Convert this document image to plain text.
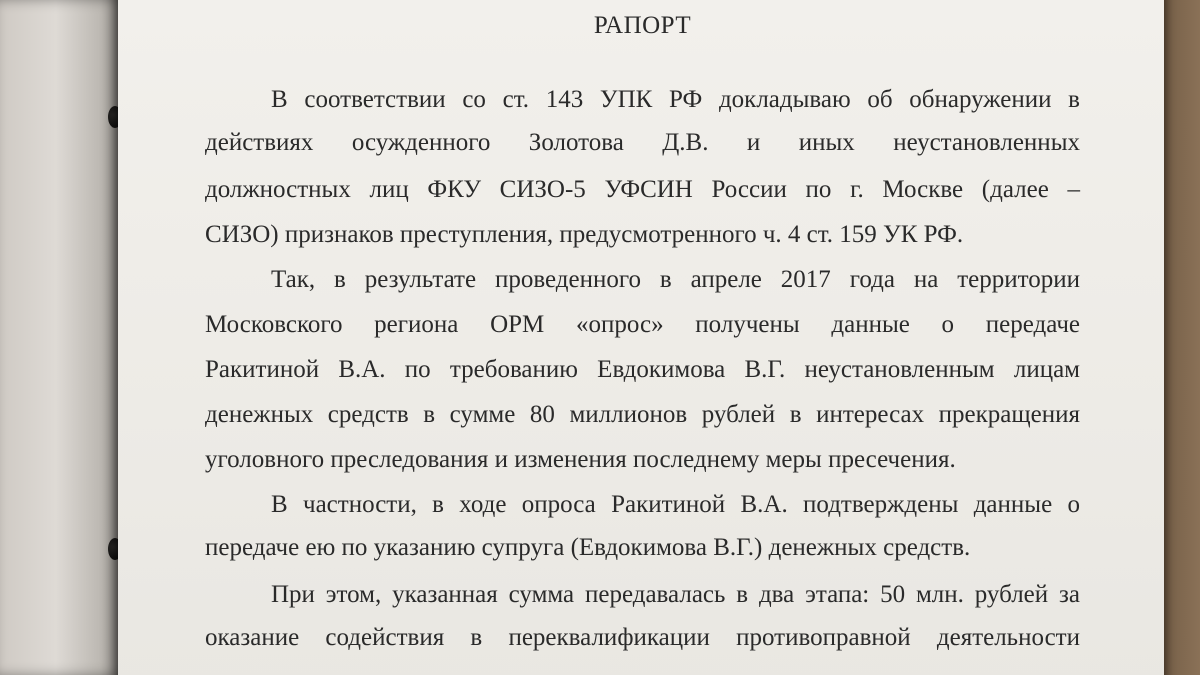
РАПОРТ
В соответствии со ст. 143 УПК РФ докладываю об обнаружении в
действиях осужденного Золотова Д.В. и иных неустановленных
должностных лиц ФКУ СИЗО-5 УФСИН России по г. Москве (далее –
СИЗО) признаков преступления, предусмотренного ч. 4 ст. 159 УК РФ.
Так, в результате проведенного в апреле 2017 года на территории
Московского региона ОРМ «опрос» получены данные о передаче
Ракитиной В.А. по требованию Евдокимова В.Г. неустановленным лицам
денежных средств в сумме 80 миллионов рублей в интересах прекращения
уголовного преследования и изменения последнему меры пресечения.
В частности, в ходе опроса Ракитиной В.А. подтверждены данные о
передаче ею по указанию супруга (Евдокимова В.Г.) денежных средств.
При этом, указанная сумма передавалась в два этапа: 50 млн. рублей за
оказание содействия в переквалификации противоправной деятельности
